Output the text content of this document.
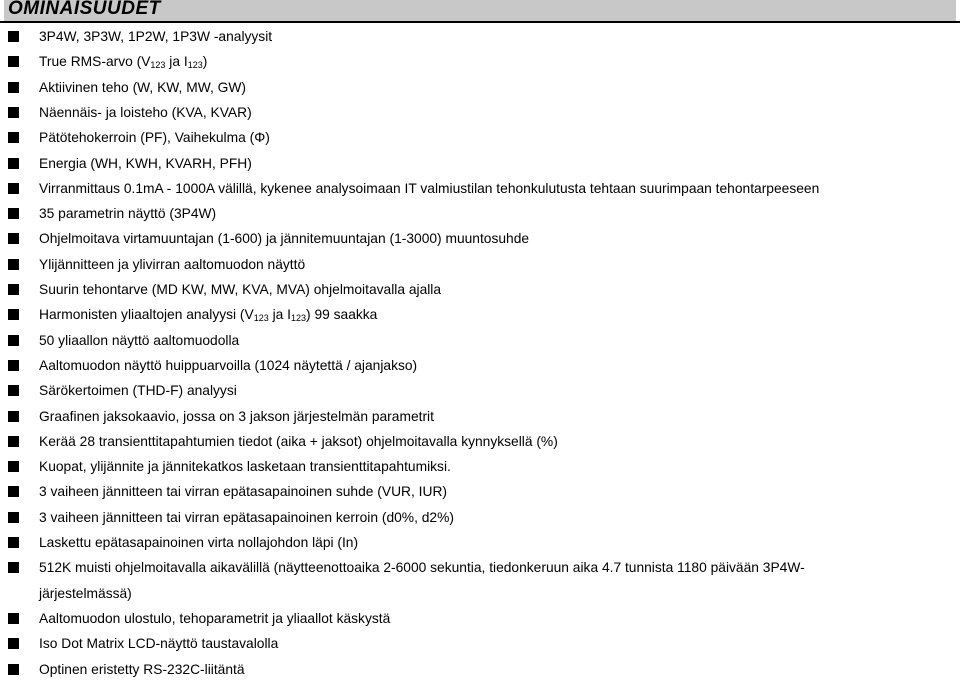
OMINAISUUDET
3P4W, 3P3W, 1P2W, 1P3W -analyysit
True RMS-arvo ($V_{123}$ ja $I_{123}$)
Aktiivinen teho (W, KW, MW, GW)
Näennäis- ja loisteho (KVA, KVAR)
Pätötehokerroin (PF), Vaihekulma (Φ)
Energia (WH, KWH, KVARH, PFH)
Virranmittaus 0.1mA - 1000A välillä, kykenee analysoimaan IT valmiustilan tehonkulutusta tehtaan suurimpaan tehontarpeeseen
35 parametrin näyttö (3P4W)
Ohjelmoitava virtamuuntajan (1-600) ja jännitemuuntajan (1-3000) muuntosuhde
Ylijännitteen ja ylivirran aaltomuodon näyttö
Suurin tehontarve (MD KW, MW, KVA, MVA) ohjelmoitavalla ajalla
Harmonisten yliaaltojen analyysi ($V_{123}$ ja $I_{123}$) 99 saakka
50 yliaallon näyttö aaltomuodolla
Aaltomuodon näyttö huippuarvoilla (1024 näytettä / ajanjakso)
Särökertoimen (THD-F) analyysi
Graafinen jaksokaavio, jossa on 3 jakson järjestelmän parametrit
Kerää 28 transienttitapahtumien tiedot (aika + jaksot) ohjelmoitavalla kynnyksellä (%)
Kuopat, ylijännite ja jännitekatkos lasketaan transienttitapahtumiksi.
3 vaiheen jännitteen tai virran epätasapainoinen suhde (VUR, IUR)
3 vaiheen jännitteen tai virran epätasapainoinen kerroin (d0%, d2%)
Laskettu epätasapainoinen virta nollajohdon läpi (In)
512K muisti ohjelmoitavalla aikavälillä (näytteenottoaika 2-6000 sekuntia, tiedonkeruun aika 4.7 tunnista 1180 päivään 3P4W-
järjestelmässä)
Aaltomuodon ulostulo, tehoparametrit ja yliaallot käskystä
Iso Dot Matrix LCD-näyttö taustavalolla
Optinen eristetty RS-232C-liitäntä
